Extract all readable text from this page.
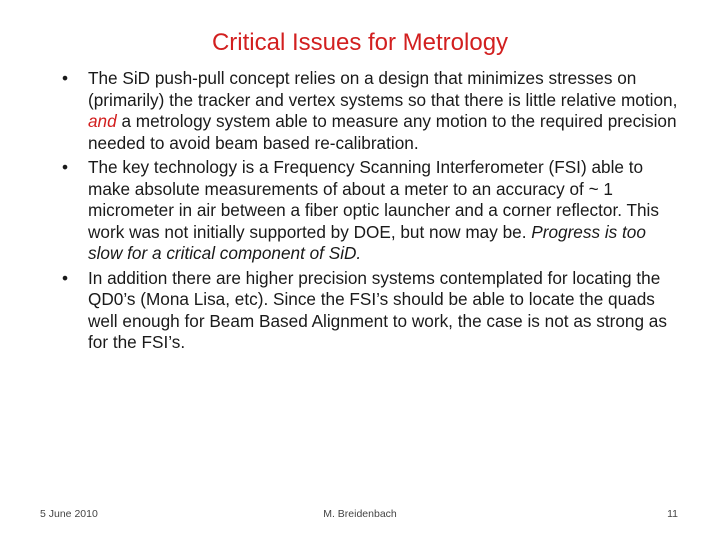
Critical Issues for Metrology
• The SiD push-pull concept relies on a design that minimizes stresses on (primarily) the tracker and vertex systems so that there is little relative motion, and a metrology system able to measure any motion to the required precision needed to avoid beam based re-calibration.
• The key technology is a Frequency Scanning Interferometer (FSI) able to make absolute measurements of about a meter to an accuracy of ~ 1 micrometer in air between a fiber optic launcher and a corner reflector. This work was not initially supported by DOE, but now may be. Progress is too slow for a critical component of SiD.
• In addition there are higher precision systems contemplated for locating the QD0’s (Mona Lisa, etc). Since the FSI’s should be able to locate the quads well enough for Beam Based Alignment to work, the case is not as strong as for the FSI’s.
5 June 2010	M. Breidenbach	11
